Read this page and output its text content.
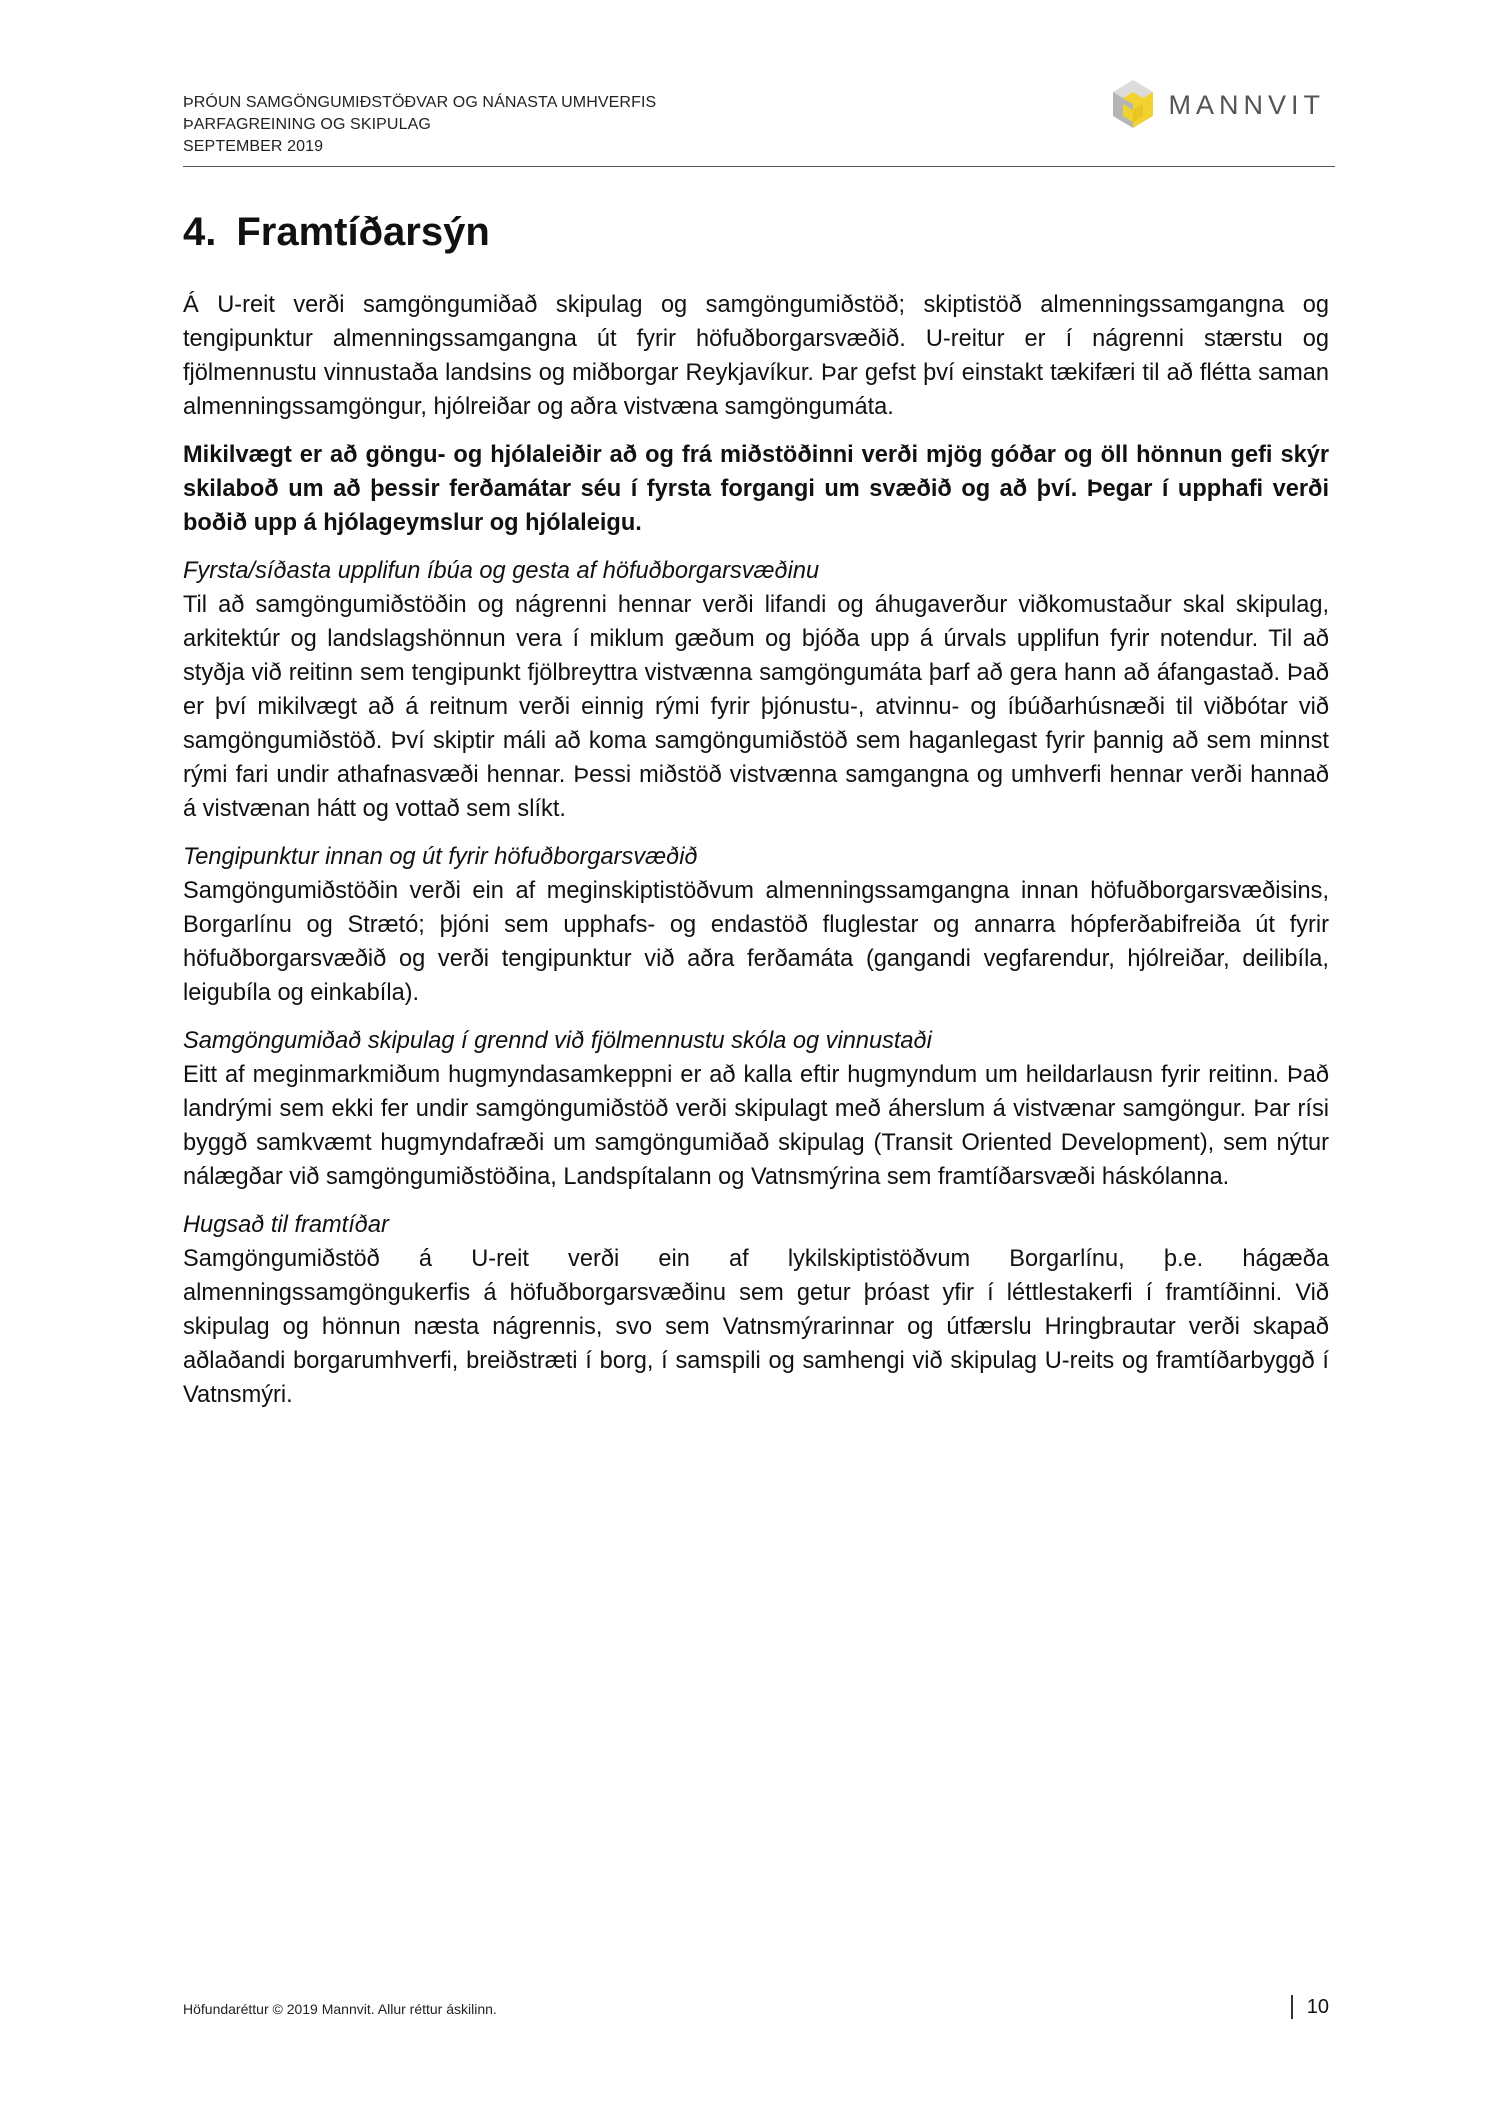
ÞRÓUN SAMGÖNGUMIÐSTÖÐVAR OG NÁNASTA UMHVERFIS
ÞARFAGREINING OG SKIPULAG
SEPTEMBER 2019
MANNVIT
4. Framtíðarsýn

Á U-reit verði samgöngumiðað skipulag og samgöngumiðstöð; skiptistöð almenningssamgangna og tengipunktur almenningssamgangna út fyrir höfuðborgarsvæðið. U-reitur er í nágrenni stærstu og fjölmennustu vinnustaða landsins og miðborgar Reykjavíkur. Þar gefst því einstakt tækifæri til að flétta saman almenningssamgöngur, hjólreiðar og aðra vistvæna samgöngumáta.

Mikilvægt er að göngu- og hjólaleiðir að og frá miðstöðinni verði mjög góðar og öll hönnun gefi skýr skilaboð um að þessir ferðamátar séu í fyrsta forgangi um svæðið og að því. Þegar í upphafi verði boðið upp á hjólageymslur og hjólaleigu.

Fyrsta/síðasta upplifun íbúa og gesta af höfuðborgarsvæðinu

Til að samgöngumiðstöðin og nágrenni hennar verði lifandi og áhugaverður viðkomustaður skal skipulag, arkitektúr og landslagshönnun vera í miklum gæðum og bjóða upp á úrvals upplifun fyrir notendur. Til að styðja við reitinn sem tengipunkt fjölbreyttra vistvænna samgöngumáta þarf að gera hann að áfangastað. Það er því mikilvægt að á reitnum verði einnig rými fyrir þjónustu-, atvinnu- og íbúðarhúsnæði til viðbótar við samgöngumiðstöð. Því skiptir máli að koma samgöngumiðstöð sem haganlegast fyrir þannig að sem minnst rými fari undir athafnasvæði hennar. Þessi miðstöð vistvænna samgangna og umhverfi hennar verði hannað á vistvænan hátt og vottað sem slíkt.

Tengipunktur innan og út fyrir höfuðborgarsvæðið

Samgöngumiðstöðin verði ein af meginskiptistöðvum almenningssamgangna innan höfuðborgarsvæðisins, Borgarlínu og Strætó; þjóni sem upphafs- og endastöð fluglestar og annarra hópferðabifreiða út fyrir höfuðborgarsvæðið og verði tengipunktur við aðra ferðamáta (gangandi vegfarendur, hjólreiðar, deilibíla, leigubíla og einkabíla).

Samgöngumiðað skipulag í grennd við fjölmennustu skóla og vinnustaði

Eitt af meginmarkmiðum hugmyndasamkeppni er að kalla eftir hugmyndum um heildarlausn fyrir reitinn. Það landrými sem ekki fer undir samgöngumiðstöð verði skipulagt með áherslum á vistvænar samgöngur. Þar rísi byggð samkvæmt hugmyndafræði um samgöngumiðað skipulag (Transit Oriented Development), sem nýtur nálægðar við samgöngumiðstöðina, Landspítalann og Vatnsmýrina sem framtíðarsvæði háskólanna.

Hugsað til framtíðar

Samgöngumiðstöð á U-reit verði ein af lykilskiptistöðvum Borgarlínu, þ.e. hágæða almenningssamgöngukerfis á höfuðborgarsvæðinu sem getur þróast yfir í léttlestakerfi í framtíðinni. Við skipulag og hönnun næsta nágrennis, svo sem Vatnsmýrarinnar og útfærslu Hringbrautar verði skapað aðlaðandi borgarumhverfi, breiðstræti í borg, í samspili og samhengi við skipulag U-reits og framtíðarbyggð í Vatnsmýri.

Höfundaréttur © 2019 Mannvit. Allur réttur áskilinn.	10
